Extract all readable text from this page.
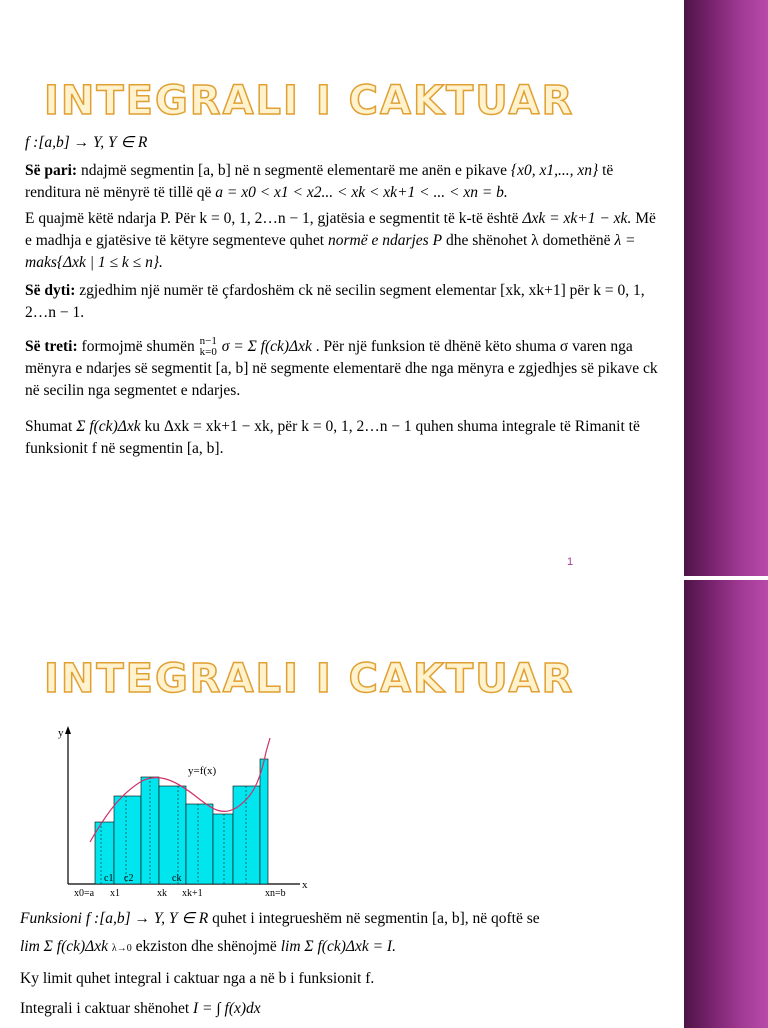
INTEGRALI I CAKTUAR

f :[a,b] → Y, Y ∈ R

Së pari: ndajmë segmentin [a, b] në n segmentë elementarë me anën e pikave {x0, x1,..., xn} të renditura në mënyrë të tillë që a = x0 < x1 < x2... < xk < xk+1 < ... < xn = b.

E quajmë këtë ndarja P. Për k = 0, 1, 2…n − 1, gjatësia e segmentit të k-të është Δxk = xk+1 − xk. Më e madhja e gjatësive të këtyre segmenteve quhet normë e ndarjes P dhe shënohet λ domethënë λ = maks{Δxk | 1 ≤ k ≤ n}.

Së dyti: zgjedhim një numër të çfardoshëm ck në secilin segment elementar [xk, xk+1] për k = 0, 1, 2…n − 1.

Së treti: formojmë shumën n−1
k=0 σ = Σ f(ck)Δxk . Për një funksion të dhënë këto shuma σ varen nga mënyra e ndarjes së segmentit [a, b] në segmente elementarë dhe nga mënyra e zgjedhjes së pikave ck në secilin nga segmentet e ndarjes.

Shumat Σ f(ck)Δxk ku Δxk = xk+1 − xk, për k = 0, 1, 2…n − 1 quhen shuma integrale të Rimanit të funksionit f në segmentin [a, b].

1
INTEGRALI I CAKTUAR
y
x
y=f(x)
c1 c2	ck
x0=a x1	xk xk+1	xn=b

Funksioni f :[a,b] → Y, Y ∈ R quhet i integrueshëm në segmentin [a, b], në qoftë se

lim Σ f(ck)Δxk λ→0 ekziston dhe shënojmë lim Σ f(ck)Δxk = I.

Ky limit quhet integral i caktuar nga a në b i funksionit f.

Integrali i caktuar shënohet I = ∫ f(x)dx
